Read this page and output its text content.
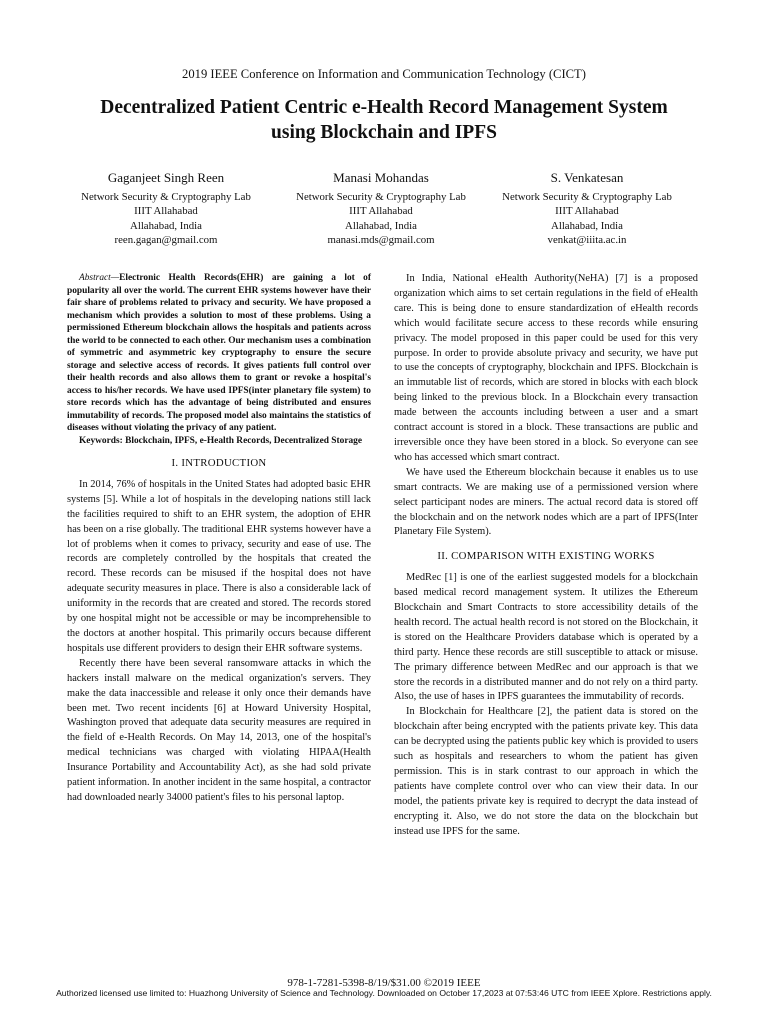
2019 IEEE Conference on Information and Communication Technology (CICT)
Decentralized Patient Centric e-Health Record Management System
using Blockchain and IPFS
Gaganjeet Singh Reen
Network Security & Cryptography Lab
IIIT Allahabad
Allahabad, India
reen.gagan@gmail.com
Manasi Mohandas
Network Security & Cryptography Lab
IIIT Allahabad
Allahabad, India
manasi.mds@gmail.com
S. Venkatesan
Network Security & Cryptography Lab
IIIT Allahabad
Allahabad, India
venkat@iiita.ac.in

Abstract—Electronic Health Records(EHR) are gaining a lot of popularity all over the world. The current EHR systems however have their fair share of problems related to privacy and security. We have proposed a mechanism which provides a solution to most of these problems. Using a permissioned Ethereum blockchain allows the hospitals and patients across the world to be connected to each other. Our mechanism uses a combination of symmetric and asymmetric key cryptography to ensure the secure storage and selective access of records. It gives patients full control over their health records and also allows them to grant or revoke a hospital's access to his/her records. We have used IPFS(inter planetary file system) to store records which has the advantage of being distributed and ensures immutability of records. The proposed model also maintains the statistics of diseases without violating the privacy of any patient.

Keywords: Blockchain, IPFS, e-Health Records, Decentralized Storage

I. INTRODUCTION

In 2014, 76% of hospitals in the United States had adopted basic EHR systems [5]. While a lot of hospitals in the developing nations still lack the facilities required to shift to an EHR system, the adoption of EHR has been on a rise globally. The traditional EHR systems however have a lot of problems when it comes to privacy, security and ease of use. The records are completely controlled by the hospitals that created the record. These records can be misused if the hospital does not have adequate security measures in place. There is also a considerable lack of uniformity in the records that are created and stored. The records stored by one hospital might not be accessible or may be incomprehensible to the doctors at another hospital. This primarily occurs because different hospitals use different providers to design their EHR software systems.

Recently there have been several ransomware attacks in which the hackers install malware on the medical organization's servers. They make the data inaccessible and release it only once their demands have been met. Two recent incidents [6] at Howard University Hospital, Washington proved that adequate data security measures are required in the field of e-Health Records. On May 14, 2013, one of the hospital's medical technicians was charged with violating HIPAA(Health Insurance Portability and Accountability Act), as she had sold private patient information. In another incident in the same hospital, a contractor had downloaded nearly 34000 patient's files to his personal laptop.

In India, National eHealth Authority(NeHA) [7] is a proposed organization which aims to set certain regulations in the field of eHealth care. This is being done to ensure standardization of eHealth records which would facilitate secure access to these records while ensuring privacy. The model proposed in this paper could be used for this very purpose. In order to provide absolute privacy and security, we have put to use the concepts of cryptography, blockchain and IPFS. Blockchain is an immutable list of records, which are stored in blocks with each block being linked to the previous block. In a Blockchain every transaction made between the accounts including between a user and a smart contract account is stored in a block. These transactions are public and irreversible once they have been stored in a block. So everyone can see who has accessed which smart contract.

We have used the Ethereum blockchain because it enables us to use smart contracts. We are making use of a permissioned version where select participant nodes are miners. The actual record data is stored off the blockchain and on the network nodes which are a part of IPFS(Inter Planetary File System).

II. COMPARISON WITH EXISTING WORKS

MedRec [1] is one of the earliest suggested models for a blockchain based medical record management system. It utilizes the Ethereum Blockchain and Smart Contracts to store accessibility details of the health record. The actual health record is not stored on the Blockchain, it is stored on the Healthcare Providers database which is operated by a third party. Hence these records are still susceptible to attack or misuse. The primary difference between MedRec and our approach is that we store the records in a distributed manner and do not rely on a third party. Also, the use of hases in IPFS guarantees the immutability of records.

In Blockchain for Healthcare [2], the patient data is stored on the blockchain after being encrypted with the patients private key. This data can be decrypted using the patients public key which is provided to users such as hospitals and researchers to whom the patient has given permission. This is in stark contrast to our approach in which the patients have complete control over who can view their data. In our model, the patients private key is required to decrypt the data instead of encrypting it. Also, we do not store the data on the blockchain but instead use IPFS for the same.

978-1-7281-5398-8/19/$31.00 ©2019 IEEE
Authorized licensed use limited to: Huazhong University of Science and Technology. Downloaded on October 17,2023 at 07:53:46 UTC from IEEE Xplore. Restrictions apply.
